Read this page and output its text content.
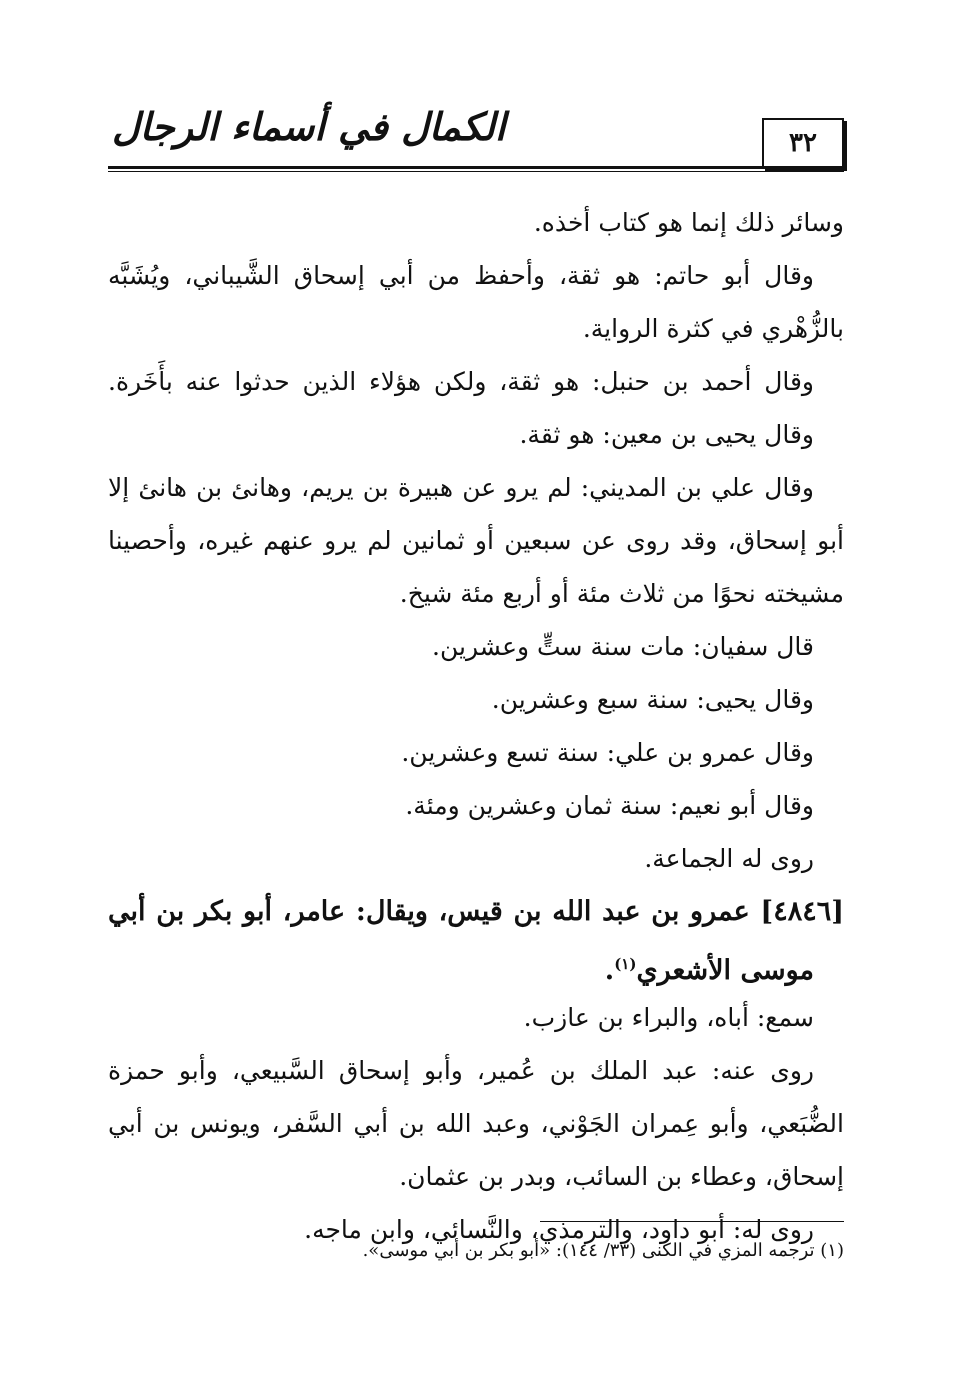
٣٢
الكمال في أسماء الرجال
وسائر ذلك إنما هو كتاب أخذه.
وقال أبو حاتم: هو ثقة، وأحفظ من أبي إسحاق الشَّيباني، ويُشَبَّه
بالزُّهْري في كثرة الرواية.
وقال أحمد بن حنبل: هو ثقة، ولكن هؤلاء الذين حدثوا عنه بأَخَرة.
وقال يحيى بن معين: هو ثقة.
وقال علي بن المديني: لم يرو عن هبيرة بن يريم، وهانئ بن هانئ إلا
أبو إسحاق، وقد روى عن سبعين أو ثمانين لم يرو عنهم غيره، وأحصينا
مشيخته نحوًا من ثلاث مئة أو أربع مئة شيخ.
قال سفيان: مات سنة ستٍّ وعشرين.
وقال يحيى: سنة سبع وعشرين.
وقال عمرو بن علي: سنة تسع وعشرين.
وقال أبو نعيم: سنة ثمان وعشرين ومئة.
روى له الجماعة.
[٤٨٤٦] عمرو بن عبد الله بن قيس، ويقال: عامر، أبو بكر بن أبي
موسى الأشعري$^{(١)}$.
سمع: أباه، والبراء بن عازب.
روى عنه: عبد الملك بن عُمير، وأبو إسحاق السَّبيعي، وأبو حمزة
الضُّبَعي، وأبو عِمران الجَوْني، وعبد الله بن أبي السَّفر، ويونس بن أبي
إسحاق، وعطاء بن السائب، وبدر بن عثمان.
روى له: أبو داود، والترمذي، والنَّسائي، وابن ماجه.
(١) ترجمه المزي في الكنى (٣٣/ ١٤٤): «أبو بكر بن أبي موسى».
